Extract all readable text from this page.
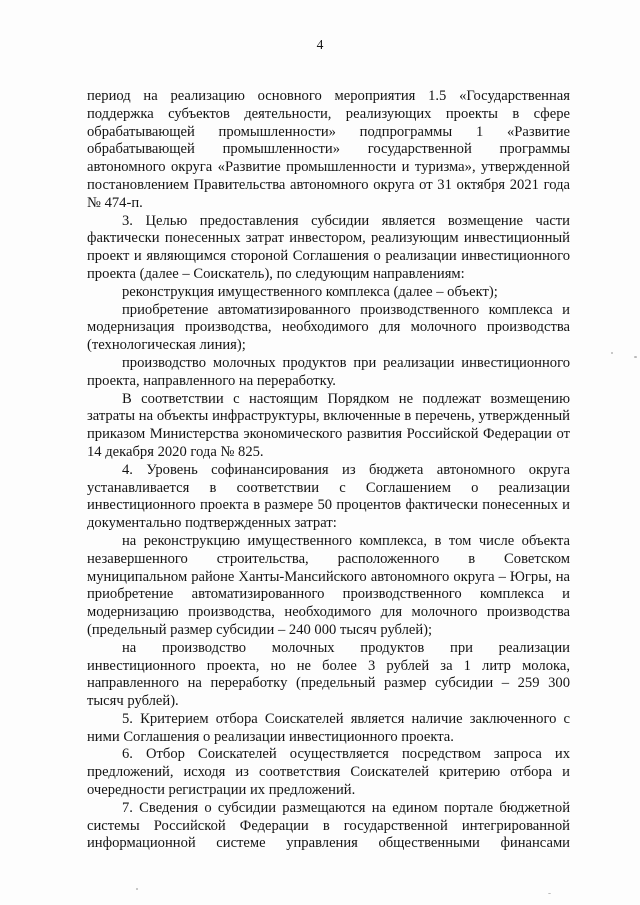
4

период на реализацию основного мероприятия 1.5 «Государственная поддержка субъектов деятельности, реализующих проекты в сфере обрабатывающей промышленности» подпрограммы 1 «Развитие обрабатывающей промышленности» государственной программы автономного округа «Развитие промышленности и туризма», утвержденной постановлением Правительства автономного округа от 31 октября 2021 года № 474-п.

3. Целью предоставления субсидии является возмещение части фактически понесенных затрат инвестором, реализующим инвестиционный проект и являющимся стороной Соглашения о реализации инвестиционного проекта (далее – Соискатель), по следующим направлениям:

реконструкция имущественного комплекса (далее – объект);

приобретение автоматизированного производственного комплекса и модернизация производства, необходимого для молочного производства (технологическая линия);

производство молочных продуктов при реализации инвестиционного проекта, направленного на переработку.

В соответствии с настоящим Порядком не подлежат возмещению затраты на объекты инфраструктуры, включенные в перечень, утвержденный приказом Министерства экономического развития Российской Федерации от 14 декабря 2020 года № 825.

4. Уровень софинансирования из бюджета автономного округа устанавливается в соответствии с Соглашением о реализации инвестиционного проекта в размере 50 процентов фактически понесенных и документально подтвержденных затрат:

на реконструкцию имущественного комплекса, в том числе объекта незавершенного строительства, расположенного в Советском муниципальном районе Ханты-Мансийского автономного округа – Югры, на приобретение автоматизированного производственного комплекса и модернизацию производства, необходимого для молочного производства (предельный размер субсидии – 240 000 тысяч рублей);

на производство молочных продуктов при реализации инвестиционного проекта, но не более 3 рублей за 1 литр молока, направленного на переработку (предельный размер субсидии – 259 300 тысяч рублей).

5. Критерием отбора Соискателей является наличие заключенного с ними Соглашения о реализации инвестиционного проекта.

6. Отбор Соискателей осуществляется посредством запроса их предложений, исходя из соответствия Соискателей критерию отбора и очередности регистрации их предложений.

7. Сведения о субсидии размещаются на едином портале бюджетной системы Российской Федерации в государственной интегрированной информационной системе управления общественными финансами
